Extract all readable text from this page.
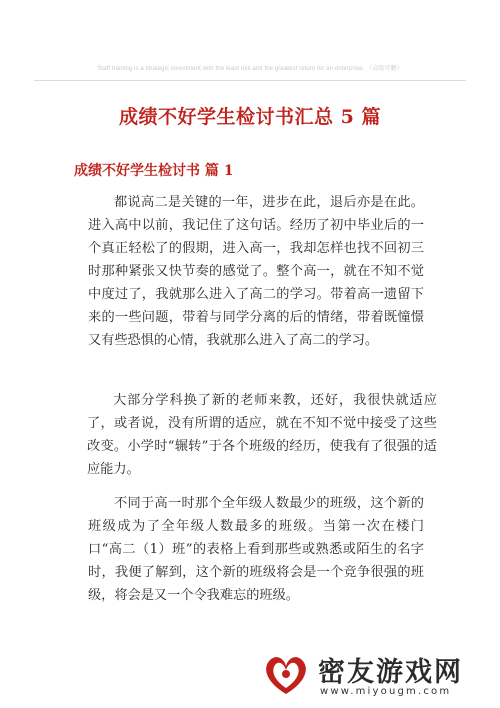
Staff training is a strategic investment with the least risk and the greatest return for an enterprise. （高级可删）
成绩不好学生检讨书汇总 5 篇
成绩不好学生检讨书 篇 1

都说高二是关键的一年，进步在此，退后亦是在此。进入高中以前，我记住了这句话。经历了初中毕业后的一个真正轻松了的假期，进入高一，我却怎样也找不回初三时那种紧张又快节奏的感觉了。整个高一，就在不知不觉中度过了，我就那么进入了高二的学习。带着高一遗留下来的一些问题，带着与同学分离的后的情绪，带着既憧憬又有些恐惧的心情，我就那么进入了高二的学习。

大部分学科换了新的老师来教，还好，我很快就适应了，或者说，没有所谓的适应，就在不知不觉中接受了这些改变。小学时“辗转”于各个班级的经历，使我有了很强的适应能力。

不同于高一时那个全年级人数最少的班级，这个新的班级成为了全年级人数最多的班级。当第一次在楼门口“高二（1）班”的表格上看到那些或熟悉或陌生的名字时，我便了解到，这个新的班级将会是一个竞争很强的班级，将会是又一个令我难忘的班级。

密友游戏网
www.miyougm.com
